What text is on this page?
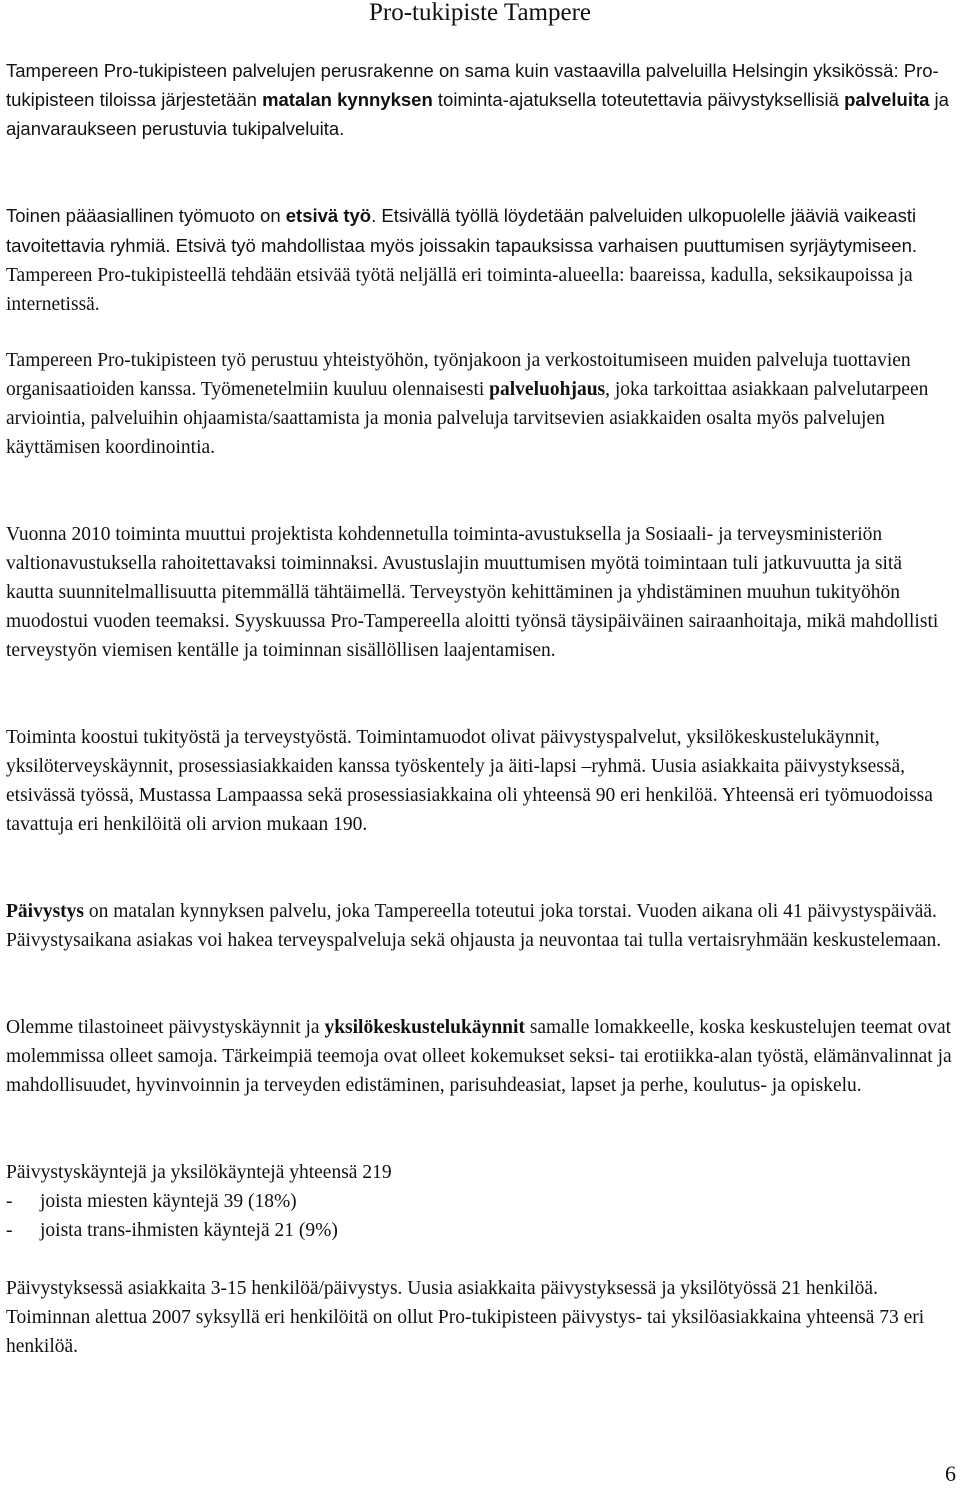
Pro-tukipiste Tampere

Tampereen Pro-tukipisteen palvelujen perusrakenne on sama kuin vastaavilla palveluilla Helsingin yksikössä: Pro-tukipisteen tiloissa järjestetään matalan kynnyksen toiminta-ajatuksella toteutettavia päivystyksellisiä palveluita ja ajanvaraukseen perustuvia tukipalveluita.

Toinen pääasiallinen työmuoto on etsivä työ. Etsivällä työllä löydetään palveluiden ulkopuolelle jääviä vaikeasti tavoitettavia ryhmiä. Etsivä työ mahdollistaa myös joissakin tapauksissa varhaisen puuttumisen syrjäytymiseen. Tampereen Pro-tukipisteellä tehdään etsivää työtä neljällä eri toiminta-alueella: baareissa, kadulla, seksikaupoissa ja internetissä.

Tampereen Pro-tukipisteen työ perustuu yhteistyöhön, työnjakoon ja verkostoitumiseen muiden palveluja tuottavien organisaatioiden kanssa. Työmenetelmiin kuuluu olennaisesti palveluohjaus, joka tarkoittaa asiakkaan palvelutarpeen arviointia, palveluihin ohjaamista/saattamista ja monia palveluja tarvitsevien asiakkaiden osalta myös palvelujen käyttämisen koordinointia.

Vuonna 2010 toiminta muuttui projektista kohdennetulla toiminta-avustuksella ja Sosiaali- ja terveysministeriön valtionavustuksella rahoitettavaksi toiminnaksi. Avustuslajin muuttumisen myötä toimintaan tuli jatkuvuutta ja sitä kautta suunnitelmallisuutta pitemmällä tähtäimellä. Terveystyön kehittäminen ja yhdistäminen muuhun tukityöhön muodostui vuoden teemaksi. Syyskuussa Pro-Tampereella aloitti työnsä täysipäiväinen sairaanhoitaja, mikä mahdollisti terveystyön viemisen kentälle ja toiminnan sisällöllisen laajentamisen.

Toiminta koostui tukityöstä ja terveystyöstä. Toimintamuodot olivat päivystyspalvelut, yksilökeskustelukäynnit, yksilöterveyskäynnit, prosessiasiakkaiden kanssa työskentely ja äiti-lapsi –ryhmä. Uusia asiakkaita päivystyksessä, etsivässä työssä, Mustassa Lampaassa sekä prosessiasiakkaina oli yhteensä 90 eri henkilöä. Yhteensä eri työmuodoissa tavattuja eri henkilöitä oli arvion mukaan 190.

Päivystys on matalan kynnyksen palvelu, joka Tampereella toteutui joka torstai. Vuoden aikana oli 41 päivystyspäivää. Päivystysaikana asiakas voi hakea terveyspalveluja sekä ohjausta ja neuvontaa tai tulla vertaisryhmään keskustelemaan.

Olemme tilastoineet päivystyskäynnit ja yksilökeskustelukäynnit samalle lomakkeelle, koska keskustelujen teemat ovat molemmissa olleet samoja. Tärkeimpiä teemoja ovat olleet kokemukset seksi- tai erotiikka-alan työstä, elämänvalinnat ja mahdollisuudet, hyvinvoinnin ja terveyden edistäminen, parisuhdeasiat, lapset ja perhe, koulutus- ja opiskelu.

Päivystyskäyntejä ja yksilökäyntejä yhteensä 219
- joista miesten käyntejä 39 (18%)
- joista trans-ihmisten käyntejä 21 (9%)

Päivystyksessä asiakkaita 3-15 henkilöä/päivystys. Uusia asiakkaita päivystyksessä ja yksilötyössä 21 henkilöä. Toiminnan alettua 2007 syksyllä eri henkilöitä on ollut Pro-tukipisteen päivystys- tai yksilöasiakkaina yhteensä 73 eri henkilöä.

6
